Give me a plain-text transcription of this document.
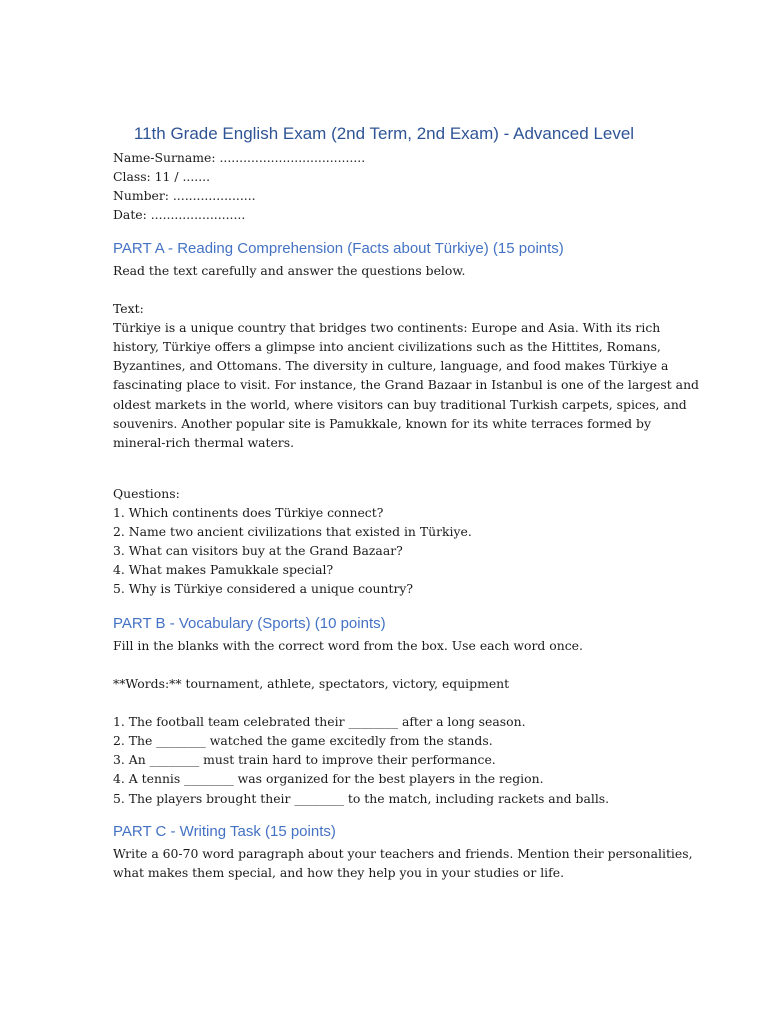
11th Grade English Exam (2nd Term, 2nd Exam) - Advanced Level
Name-Surname: .....................................
Class: 11 / .......
Number: .....................
Date: ........................
PART A - Reading Comprehension (Facts about Türkiye) (15 points)
Read the text carefully and answer the questions below.
Text:
Türkiye is a unique country that bridges two continents: Europe and Asia. With its rich
history, Türkiye offers a glimpse into ancient civilizations such as the Hittites, Romans,
Byzantines, and Ottomans. The diversity in culture, language, and food makes Türkiye a
fascinating place to visit. For instance, the Grand Bazaar in Istanbul is one of the largest and
oldest markets in the world, where visitors can buy traditional Turkish carpets, spices, and
souvenirs. Another popular site is Pamukkale, known for its white terraces formed by
mineral-rich thermal waters.
Questions:
1. Which continents does Türkiye connect?
2. Name two ancient civilizations that existed in Türkiye.
3. What can visitors buy at the Grand Bazaar?
4. What makes Pamukkale special?
5. Why is Türkiye considered a unique country?
PART B - Vocabulary (Sports) (10 points)
Fill in the blanks with the correct word from the box. Use each word once.
**Words:** tournament, athlete, spectators, victory, equipment
1. The football team celebrated their ________ after a long season.
2. The ________ watched the game excitedly from the stands.
3. An ________ must train hard to improve their performance.
4. A tennis ________ was organized for the best players in the region.
5. The players brought their ________ to the match, including rackets and balls.
PART C - Writing Task (15 points)
Write a 60-70 word paragraph about your teachers and friends. Mention their personalities,
what makes them special, and how they help you in your studies or life.
